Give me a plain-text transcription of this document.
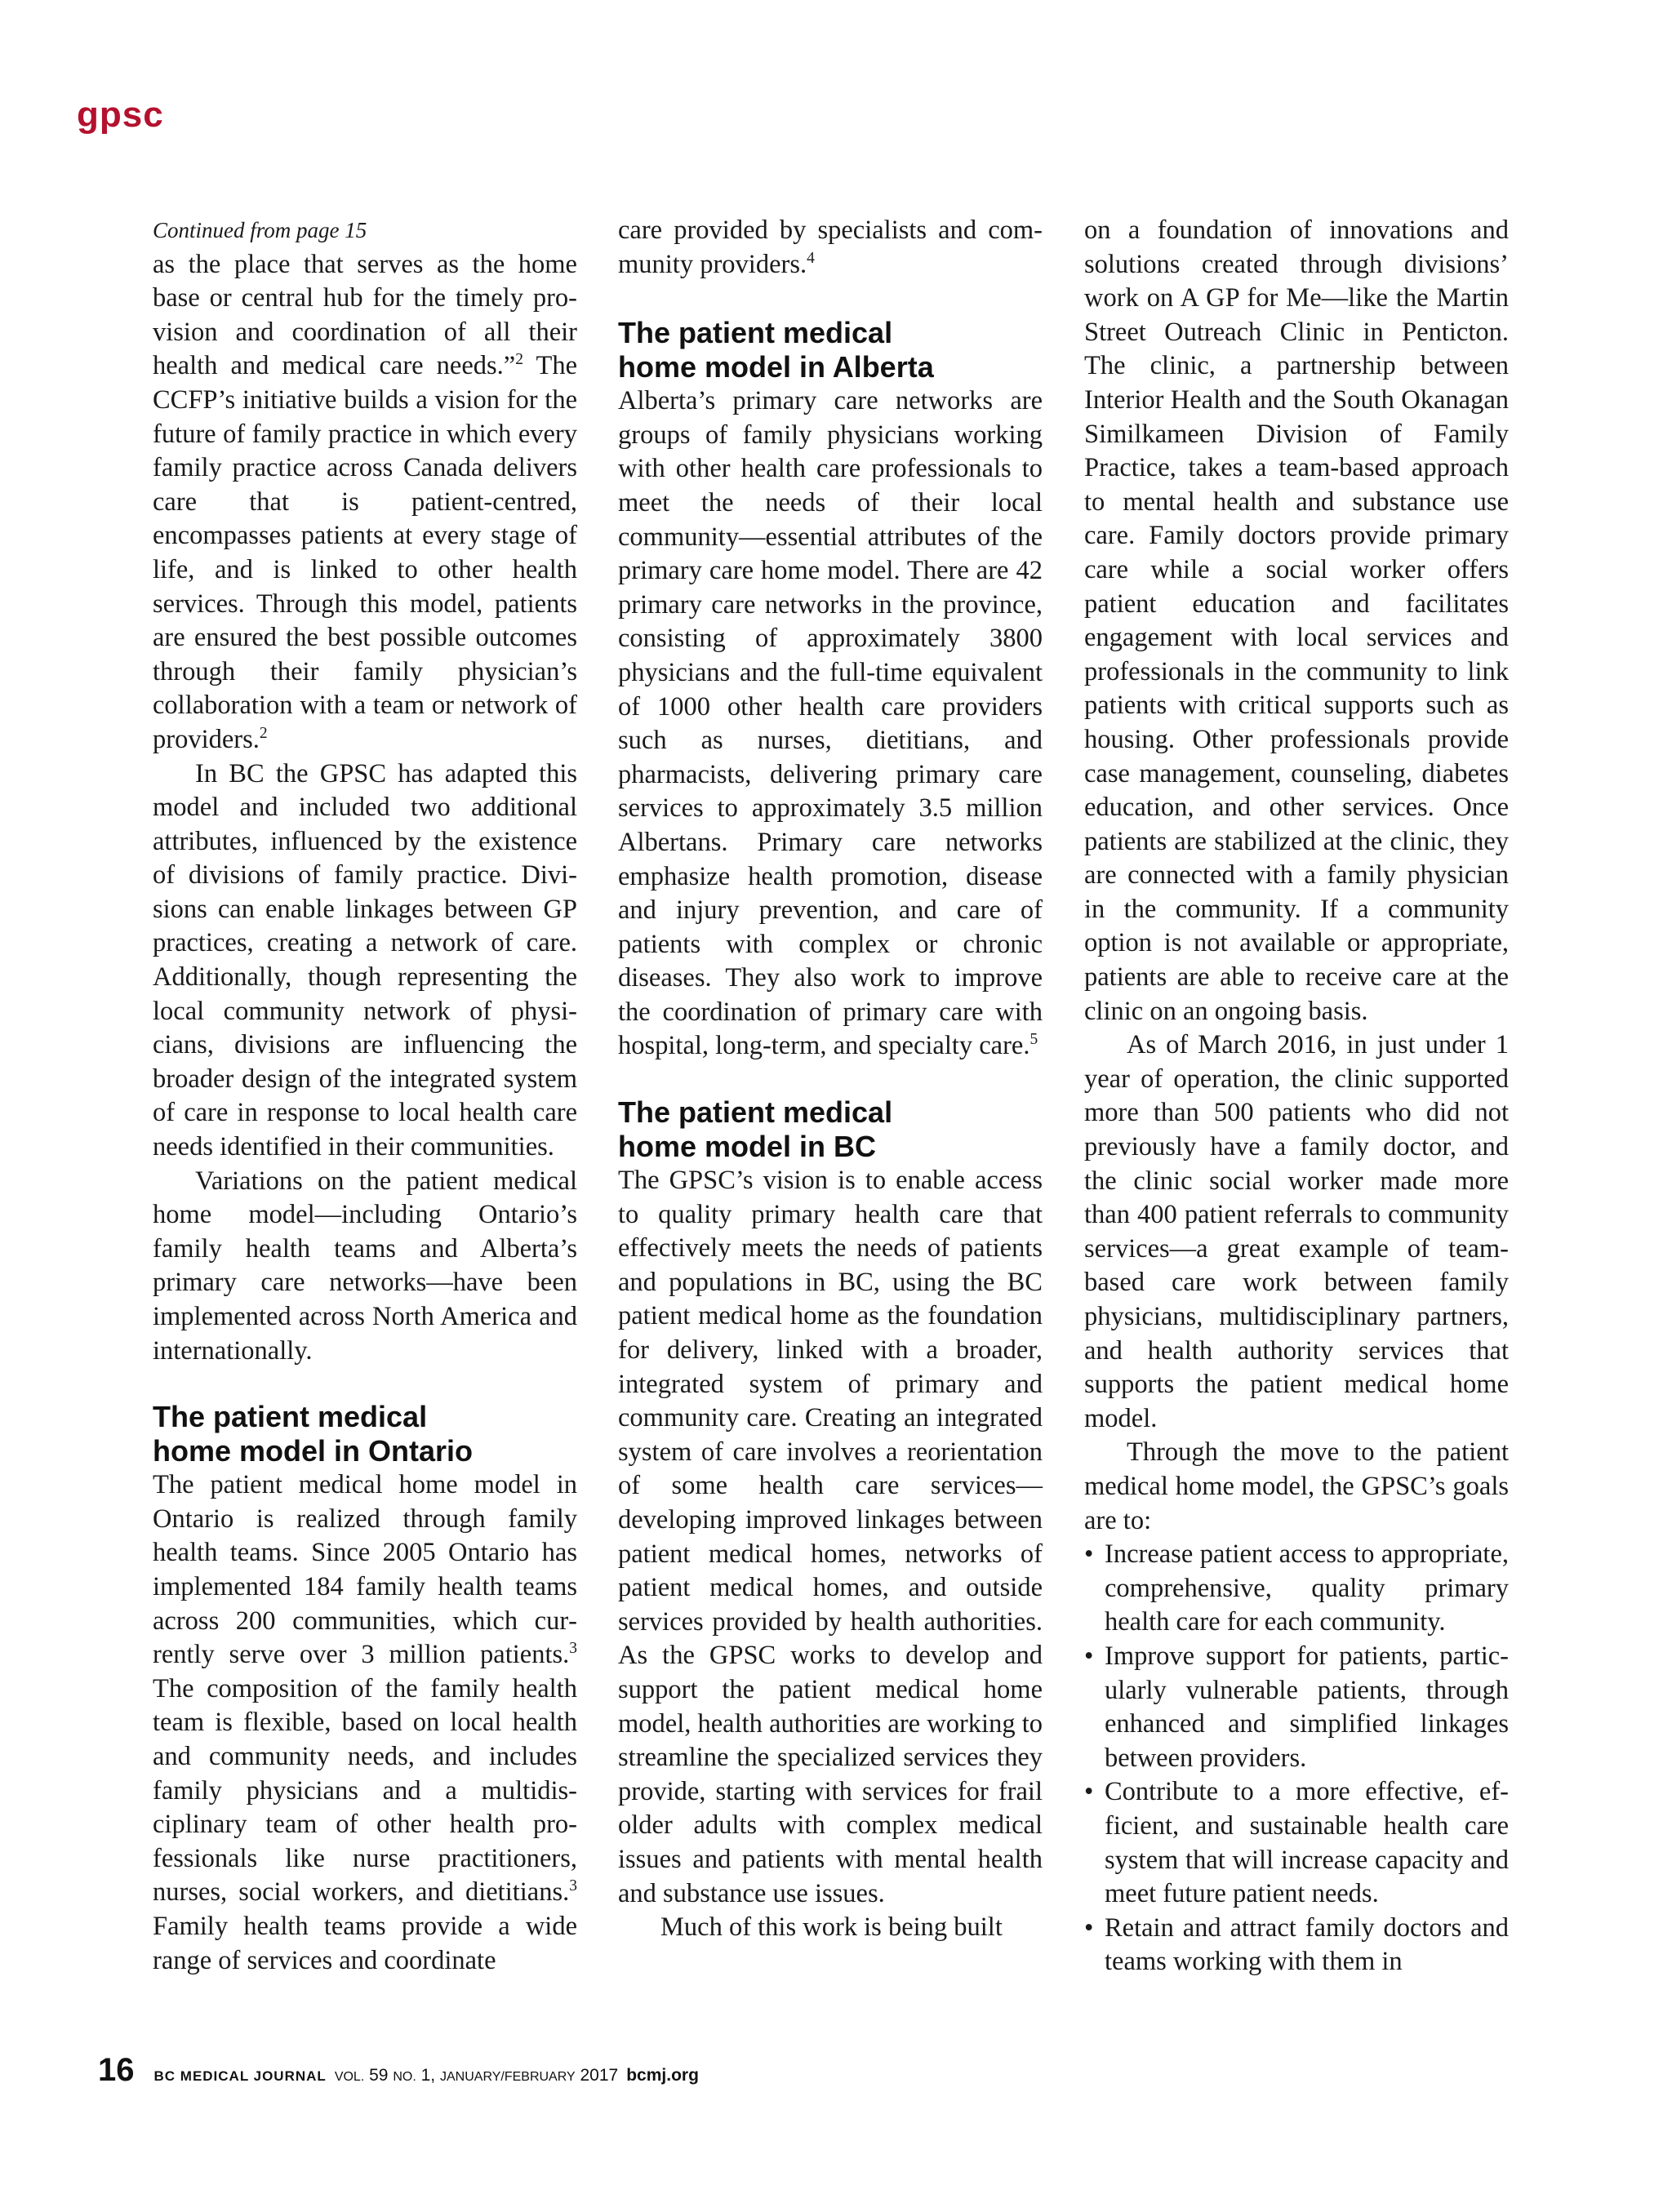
gpsc

Continued from page 15

as the place that serves as the home base or central hub for the timely provision and coordination of all their health and medical care needs.”$^2$ The CCFP’s initiative builds a vision for the future of family practice in which every family practice across Canada delivers care that is patient-centred, encompasses patients at every stage of life, and is linked to other health services. Through this model, patients are ensured the best possible outcomes through their family physician’s collaboration with a team or network of providers.$^2$

In BC the GPSC has adapted this model and included two additional attributes, influenced by the existence of divisions of family practice. Divisions can enable linkages between GP practices, creating a network of care. Additionally, though representing the local community network of physicians, divisions are influencing the broader design of the integrated system of care in response to local health care needs identified in their communities.

Variations on the patient medical home model—including Ontario’s family health teams and Alberta’s primary care networks—have been implemented across North America and internationally.

The patient medical
home model in Ontario

The patient medical home model in Ontario is realized through family health teams. Since 2005 Ontario has implemented 184 family health teams across 200 communities, which currently serve over 3 million patients.$^3$ The composition of the family health team is flexible, based on local health and community needs, and includes family physicians and a multidisciplinary team of other health professionals like nurse practitioners, nurses, social workers, and dietitians.$^3$ Family health teams provide a wide range of services and coordinate

care provided by specialists and community providers.$^4$

The patient medical
home model in Alberta

Alberta’s primary care networks are groups of family physicians working with other health care professionals to meet the needs of their local community—essential attributes of the primary care home model. There are 42 primary care networks in the province, consisting of approximately 3800 physicians and the full-time equivalent of 1000 other health care providers such as nurses, dietitians, and pharmacists, delivering primary care services to approximately 3.5 million Albertans. Primary care networks emphasize health promotion, disease and injury prevention, and care of patients with complex or chronic diseases. They also work to improve the coordination of primary care with hospital, long-term, and specialty care.$^5$

The patient medical
home model in BC

The GPSC’s vision is to enable access to quality primary health care that effectively meets the needs of patients and populations in BC, using the BC patient medical home as the foundation for delivery, linked with a broader, integrated system of primary and community care. Creating an integrated system of care involves a reorientation of some health care services—developing improved linkages between patient medical homes, networks of patient medical homes, and outside services provided by health authorities. As the GPSC works to develop and support the patient medical home model, health authorities are working to streamline the specialized services they provide, starting with services for frail older adults with complex medical issues and patients with mental health and substance use issues.

Much of this work is being built

on a foundation of innovations and solutions created through divisions’ work on A GP for Me—like the Martin Street Outreach Clinic in Penticton. The clinic, a partnership between Interior Health and the South Okanagan Similkameen Division of Family Practice, takes a team-based approach to mental health and substance use care. Family doctors provide primary care while a social worker offers patient education and facilitates engagement with local services and professionals in the community to link patients with critical supports such as housing. Other professionals provide case management, counseling, diabetes education, and other services. Once patients are stabilized at the clinic, they are connected with a family physician in the community. If a community option is not available or appropriate, patients are able to receive care at the clinic on an ongoing basis.

As of March 2016, in just under 1 year of operation, the clinic supported more than 500 patients who did not previously have a family doctor, and the clinic social worker made more than 400 patient referrals to community services—a great example of team-based care work between family physicians, multidisciplinary partners, and health authority services that supports the patient medical home model.

Through the move to the patient medical home model, the GPSC’s goals are to:

• Increase patient access to appropriate, comprehensive, quality primary health care for each community.
• Improve support for patients, particularly vulnerable patients, through enhanced and simplified linkages between providers.
• Contribute to a more effective, efficient, and sustainable health care system that will increase capacity and meet future patient needs.
• Retain and attract family doctors and teams working with them in
16 BC MEDICAL JOURNAL VOL. 59 NO. 1, JANUARY/FEBRUARY 2017 bcmj.org
